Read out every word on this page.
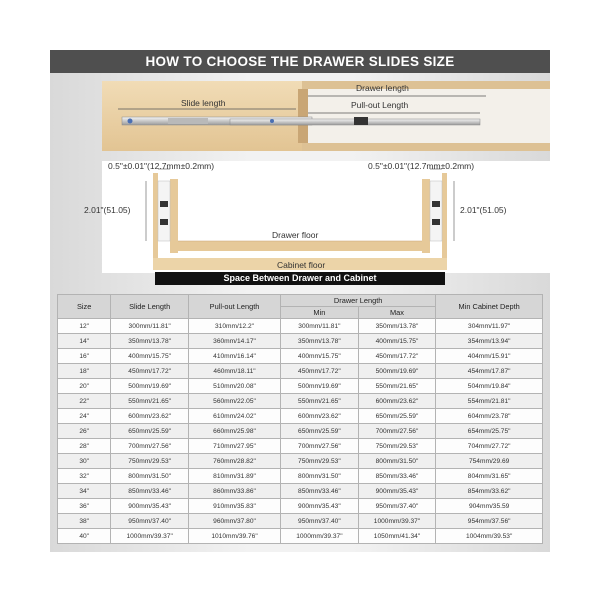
HOW TO CHOOSE THE DRAWER SLIDES SIZE
Drawer length
Slide length	Pull-out Length
0.5"±0.01"(12.7mm±0.2mm)	0.5"±0.01"(12.7mm±0.2mm)
2.01"(51.05)	2.01"(51.05)
Drawer floor
Cabinet floor
Space Between Drawer and Cabinet
Size	Slide Length	Pull-out Length	Drawer Length		Min Cabinet Depth
			Min	Max	
12"	300mm/11.81"	310mm/12.2"	300mm/11.81"	350mm/13.78"	304mm/11.97"
14"	350mm/13.78"	360mm/14.17"	350mm/13.78"	400mm/15.75"	354mm/13.94"
16"	400mm/15.75"	410mm/16.14"	400mm/15.75"	450mm/17.72"	404mm/15.91"
18"	450mm/17.72"	460mm/18.11"	450mm/17.72"	500mm/19.69"	454mm/17.87"
20"	500mm/19.69"	510mm/20.08"	500mm/19.69"	550mm/21.65"	504mm/19.84"
22"	550mm/21.65"	560mm/22.05"	550mm/21.65"	600mm/23.62"	554mm/21.81"
24"	600mm/23.62"	610mm/24.02"	600mm/23.62"	650mm/25.59"	604mm/23.78"
26"	650mm/25.59"	660mm/25.98"	650mm/25.59"	700mm/27.56"	654mm/25.75"
28"	700mm/27.56"	710mm/27.95"	700mm/27.56"	750mm/29.53"	704mm/27.72"
30"	750mm/29.53"	760mm/28.82"	750mm/29.53"	800mm/31.50"	754mm/29.69
32"	800mm/31.50"	810mm/31.89"	800mm/31.50"	850mm/33.46"	804mm/31.65"
34"	850mm/33.46"	860mm/33.86"	850mm/33.46"	900mm/35.43"	854mm/33.62"
36"	900mm/35.43"	910mm/35.83"	900mm/35.43"	950mm/37.40"	904mm/35.59
38"	950mm/37.40"	960mm/37.80"	950mm/37.40"	1000mm/39.37"	954mm/37.56"
40"	1000mm/39.37"	1010mm/39.76"	1000mm/39.37"	1050mm/41.34"	1004mm/39.53"
